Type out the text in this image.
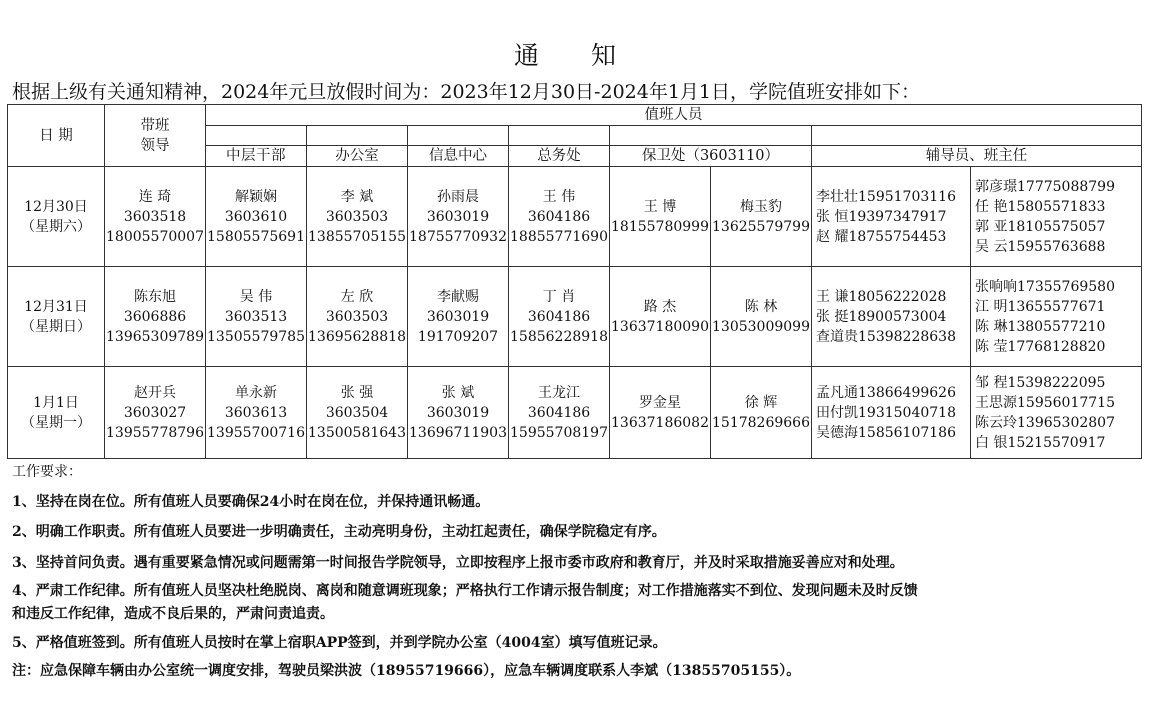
通 知
根据上级有关通知精神，2024年元旦放假时间为：2023年12月30日-2024年1月1日，学院值班安排如下：
日 期	带班
领导	值班人员							

		中层干部	办公室	信息中心	总务处	保卫处（3603110）		辅导员、班主任	
12月30日
（星期六）	连 琦
3603518
18005570007	解颖娴
3603610
15805575691	李 斌
3603503
13855705155	孙雨晨
3603019
18755770932	王 伟
3604186
18855771690	王 博
18155780999	梅玉豹
13625579799	李壮壮15951703116
张 恒19397347917
赵 耀18755754453	郭彦璟17775088799
任 艳15805571833
郭 亚18105575057
吴 云15955763688
12月31日
（星期日）	陈东旭
3606886
13965309789	吴 伟
3603513
13505579785	左 欣
3603503
13695628818	李献赐
3603019
191709207	丁 肖
3604186
15856228918	路 杰
13637180090	陈 林
13053009099	王 谦18056222028
张 挺18900573004
查道贵15398228638	张响响17355769580
江 明13655577671
陈 琳13805577210
陈 莹17768128820
1月1日
（星期一）	赵开兵
3603027
13955778796	单永新
3603613
13955700716	张 强
3603504
13500581643	张 斌
3603019
13696711903	王龙江
3604186
15955708197	罗金星
13637186082	徐 辉
15178269666	孟凡通13866499626
田付凯19315040718
吴德海15856107186	邹 程15398222095
王思源15956017715
陈云玲13965302807
白 银15215570917
工作要求：
1、坚持在岗在位。所有值班人员要确保24小时在岗在位，并保持通讯畅通。
2、明确工作职责。所有值班人员要进一步明确责任，主动亮明身份，主动扛起责任，确保学院稳定有序。
3、坚持首问负责。遇有重要紧急情况或问题需第一时间报告学院领导，立即按程序上报市委市政府和教育厅，并及时采取措施妥善应对和处理。
4、严肃工作纪律。所有值班人员坚决杜绝脱岗、离岗和随意调班现象；严格执行工作请示报告制度；对工作措施落实不到位、发现问题未及时反馈
和违反工作纪律，造成不良后果的，严肃问责追责。
5、严格值班签到。所有值班人员按时在掌上宿职APP签到，并到学院办公室（4004室）填写值班记录。
注：应急保障车辆由办公室统一调度安排，驾驶员梁洪波（18955719666），应急车辆调度联系人李斌（13855705155）。
